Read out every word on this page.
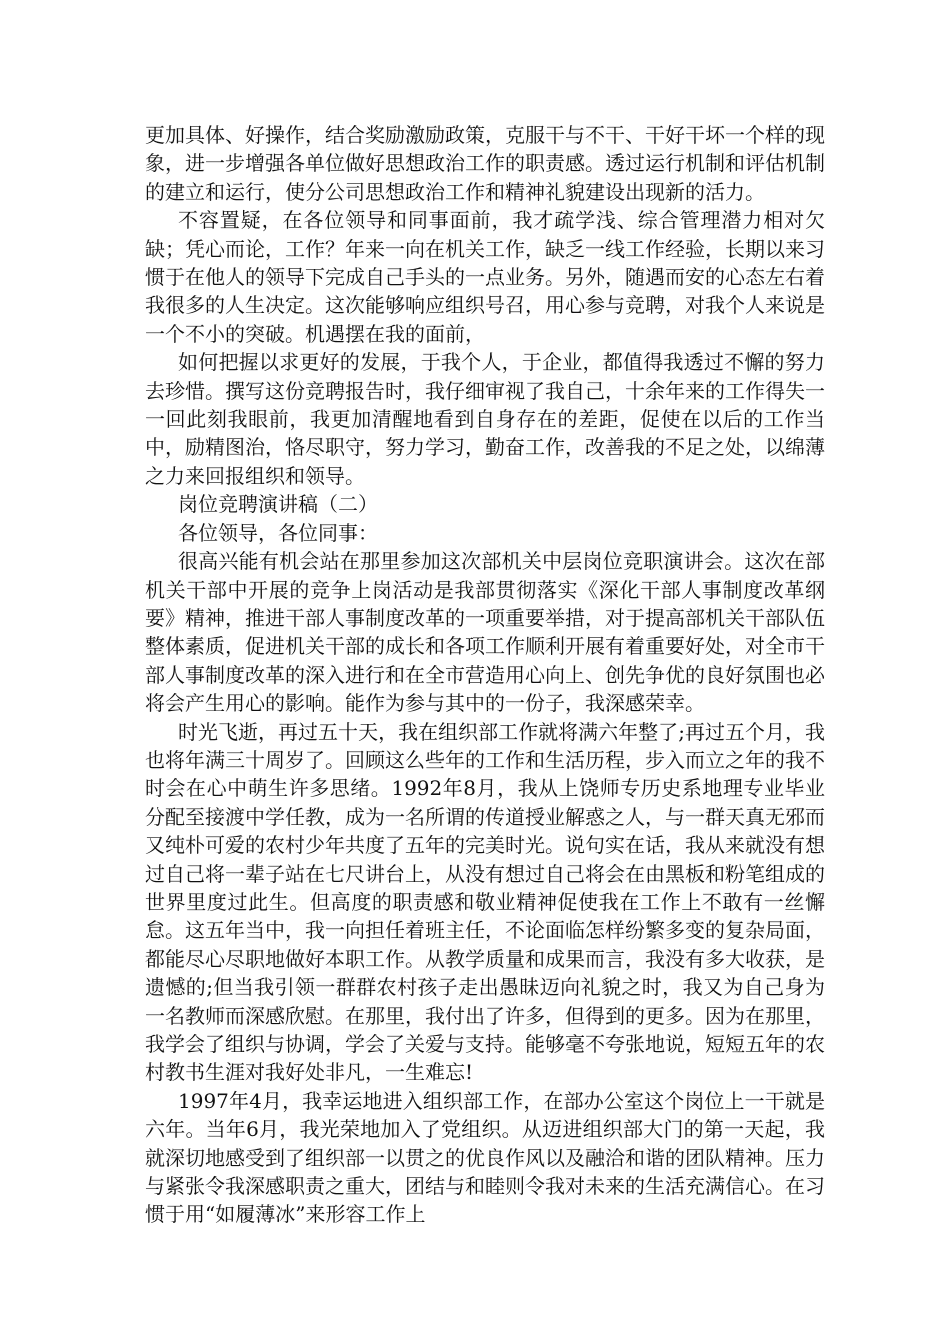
更加具体、好操作，结合奖励激励政策，克服干与不干、干好干坏一个样的现象，进一步增强各单位做好思想政治工作的职责感。透过运行机制和评估机制的建立和运行，使分公司思想政治工作和精神礼貌建设出现新的活力。

不容置疑，在各位领导和同事面前，我才疏学浅、综合管理潜力相对欠缺；凭心而论，工作？年来一向在机关工作，缺乏一线工作经验，长期以来习惯于在他人的领导下完成自己手头的一点业务。另外，随遇而安的心态左右着我很多的人生决定。这次能够响应组织号召，用心参与竞聘，对我个人来说是一个不小的突破。机遇摆在我的面前，

如何把握以求更好的发展，于我个人，于企业，都值得我透过不懈的努力去珍惜。撰写这份竞聘报告时，我仔细审视了我自己，十余年来的工作得失一一回此刻我眼前，我更加清醒地看到自身存在的差距，促使在以后的工作当中，励精图治，恪尽职守，努力学习，勤奋工作，改善我的不足之处，以绵薄之力来回报组织和领导。

岗位竞聘演讲稿（二）

各位领导，各位同事：

很高兴能有机会站在那里参加这次部机关中层岗位竞职演讲会。这次在部机关干部中开展的竞争上岗活动是我部贯彻落实《深化干部人事制度改革纲要》精神，推进干部人事制度改革的一项重要举措，对于提高部机关干部队伍整体素质，促进机关干部的成长和各项工作顺利开展有着重要好处，对全市干部人事制度改革的深入进行和在全市营造用心向上、创先争优的良好氛围也必将会产生用心的影响。能作为参与其中的一份子，我深感荣幸。

时光飞逝，再过五十天，我在组织部工作就将满六年整了;再过五个月，我也将年满三十周岁了。回顾这么些年的工作和生活历程，步入而立之年的我不时会在心中萌生许多思绪。1992年8月，我从上饶师专历史系地理专业毕业分配至接渡中学任教，成为一名所谓的传道授业解惑之人，与一群天真无邪而又纯朴可爱的农村少年共度了五年的完美时光。说句实在话，我从来就没有想过自己将一辈子站在七尺讲台上，从没有想过自己将会在由黑板和粉笔组成的世界里度过此生。但高度的职责感和敬业精神促使我在工作上不敢有一丝懈怠。这五年当中，我一向担任着班主任，不论面临怎样纷繁多变的复杂局面，都能尽心尽职地做好本职工作。从教学质量和成果而言，我没有多大收获，是遗憾的;但当我引领一群群农村孩子走出愚昧迈向礼貌之时，我又为自己身为一名教师而深感欣慰。在那里，我付出了许多，但得到的更多。因为在那里，我学会了组织与协调，学会了关爱与支持。能够毫不夸张地说，短短五年的农村教书生涯对我好处非凡，一生难忘!

1997年4月，我幸运地进入组织部工作，在部办公室这个岗位上一干就是六年。当年6月，我光荣地加入了党组织。从迈进组织部大门的第一天起，我就深切地感受到了组织部一以贯之的优良作风以及融洽和谐的团队精神。压力与紧张令我深感职责之重大，团结与和睦则令我对未来的生活充满信心。在习惯于用“如履薄冰”来形容工作上
